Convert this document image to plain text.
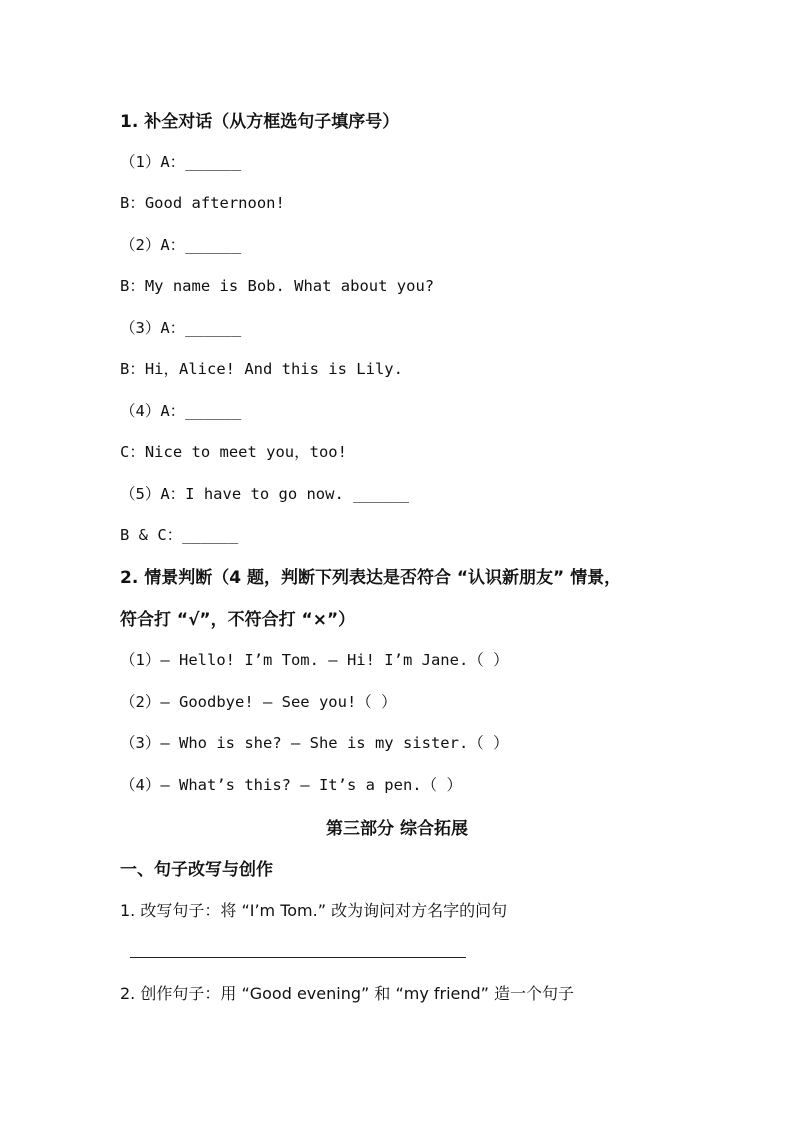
1. 补全对话（从方框选句子填序号）
（1）A：______
B：Good afternoon!
（2）A：______
B：My name is Bob. What about you?
（3）A：______
B：Hi，Alice! And this is Lily.
（4）A：______
C：Nice to meet you，too!
（5）A：I have to go now. ______
B & C：______
2. 情景判断（4 题，判断下列表达是否符合 “认识新朋友” 情景，
符合打 “√”，不符合打 “×”）
（1）— Hello! I’m Tom. — Hi! I’m Jane.（ ）
（2）— Goodbye! — See you!（ ）
（3）— Who is she? — She is my sister.（ ）
（4）— What’s this? — It’s a pen.（ ）
第三部分 综合拓展
一、句子改写与创作
1. 改写句子：将 “I’m Tom.” 改为询问对方名字的问句
2. 创作句子：用 “Good evening” 和 “my friend” 造一个句子
